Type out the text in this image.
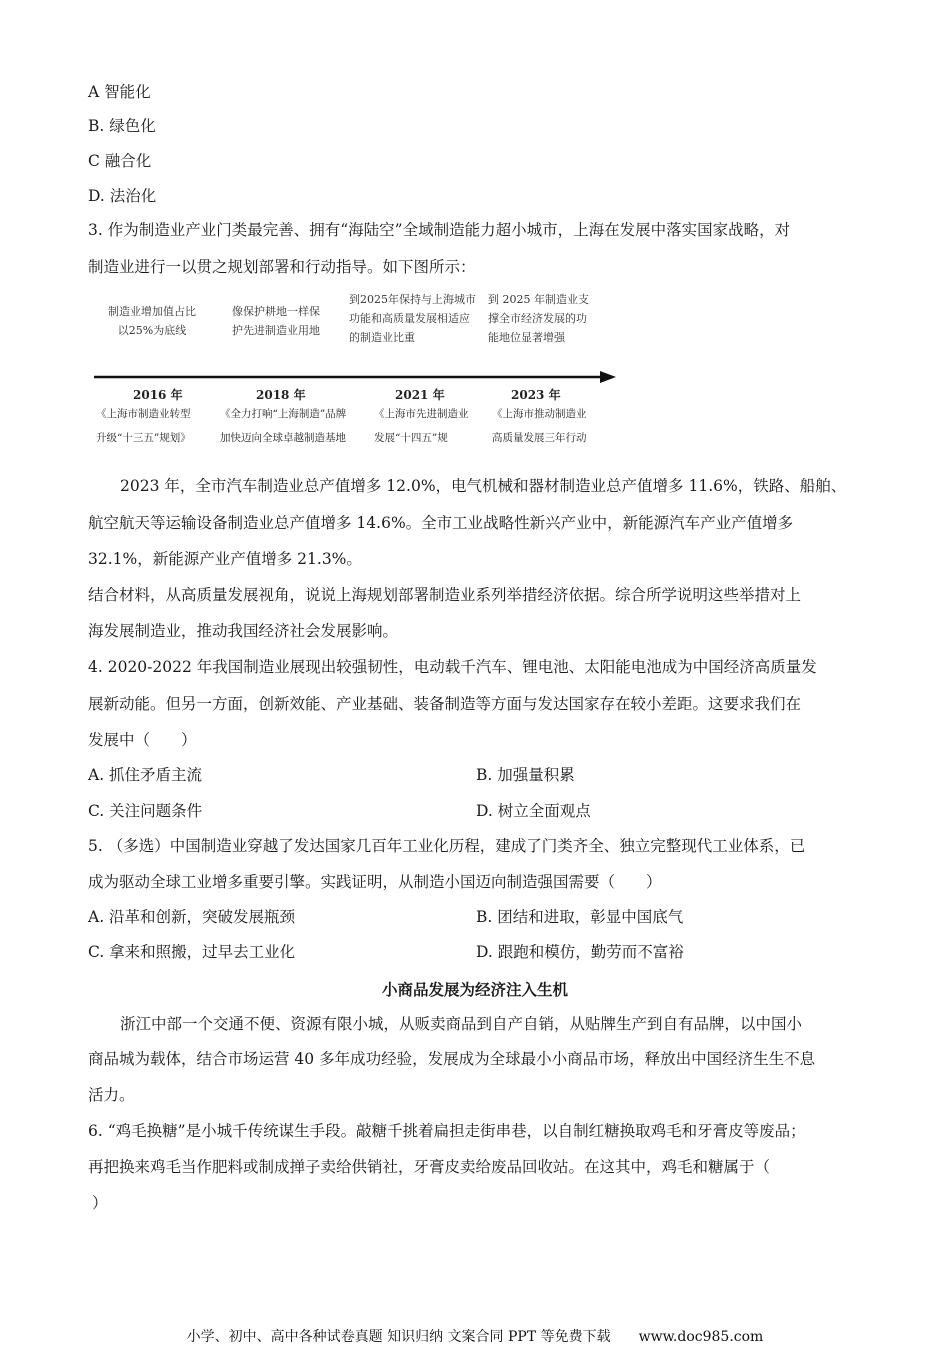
A 智能化
B. 绿色化
C 融合化
D. 法治化
3. 作为制造业产业门类最完善、拥有“海陆空”全域制造能力超小城市，上海在发展中落实国家战略，对
制造业进行一以贯之规划部署和行动指导。如下图所示：
制造业增加值占比
以25%为底线
2016 年
《上海市制造业转型
升级“十三五”规划》
像保护耕地一样保
护先进制造业用地
2018 年
《全力打响“上海制造”品牌
加快迈向全球卓越制造基地
到2025年保持与上海城市
功能和高质量发展相适应
的制造业比重
2021 年
《上海市先进制造业
发展“十四五”规
到 2025 年制造业支
撑全市经济发展的功
能地位显著增强
2023 年
《上海市推动制造业
高质量发展三年行动
2023 年，全市汽车制造业总产值增多 12.0%，电气机械和器材制造业总产值增多 11.6%，铁路、船舶、
航空航天等运输设备制造业总产值增多 14.6%。全市工业战略性新兴产业中，新能源汽车产业产值增多
32.1%，新能源产业产值增多 21.3%。
结合材料，从高质量发展视角，说说上海规划部署制造业系列举措经济依据。综合所学说明这些举措对上
海发展制造业，推动我国经济社会发展影响。
4. 2020-2022 年我国制造业展现出较强韧性，电动载千汽车、锂电池、太阳能电池成为中国经济高质量发
展新动能。但另一方面，创新效能、产业基础、装备制造等方面与发达国家存在较小差距。这要求我们在
发展中（　　）
A. 抓住矛盾主流	B. 加强量积累
C. 关注问题条件	D. 树立全面观点
5. （多选）中国制造业穿越了发达国家几百年工业化历程，建成了门类齐全、独立完整现代工业体系，已
成为驱动全球工业增多重要引擎。实践证明，从制造小国迈向制造强国需要（　　）
A. 沿革和创新，突破发展瓶颈	B. 团结和进取，彰显中国底气
C. 拿来和照搬，过早去工业化	D. 跟跑和模仿，勤劳而不富裕
小商品发展为经济注入生机
浙江中部一个交通不便、资源有限小城，从贩卖商品到自产自销，从贴牌生产到自有品牌，以中国小
商品城为载体，结合市场运营 40 多年成功经验，发展成为全球最小小商品市场，释放出中国经济生生不息
活力。
6. “鸡毛换糖”是小城千传统谋生手段。敲糖千挑着扁担走街串巷，以自制红糖换取鸡毛和牙膏皮等废品；
再把换来鸡毛当作肥料或制成掸子卖给供销社，牙膏皮卖给废品回收站。在这其中，鸡毛和糖属于（
）
小学、初中、高中各种试卷真题 知识归纳 文案合同 PPT 等免费下载　　www.doc985.com
